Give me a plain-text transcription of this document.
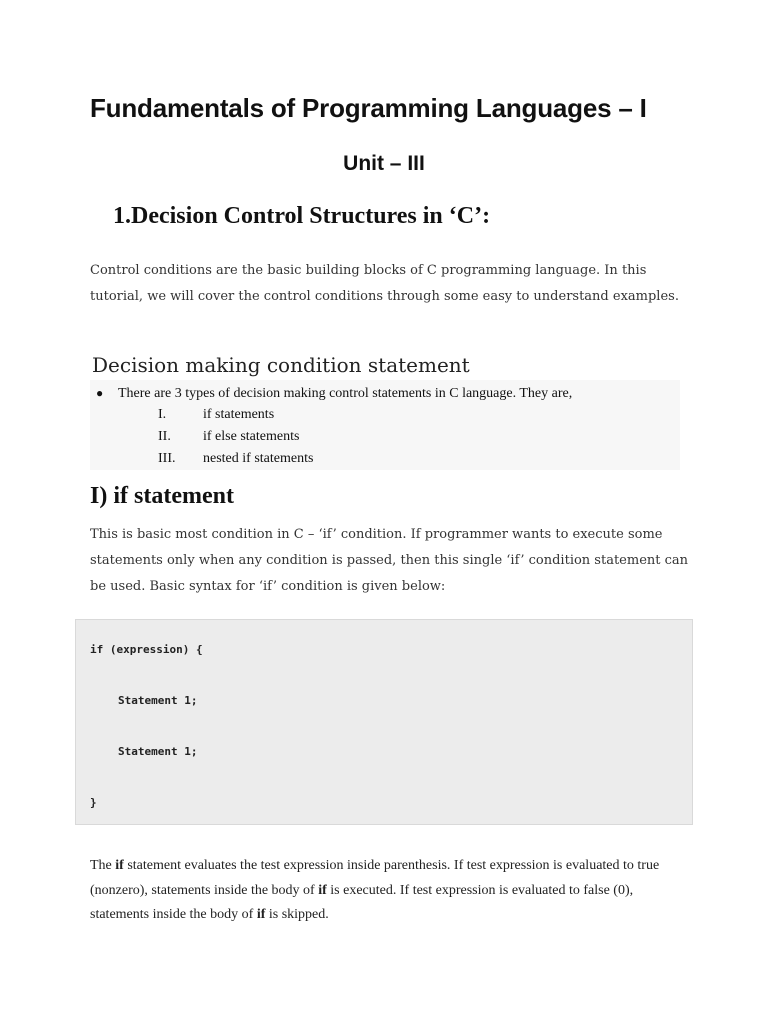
Fundamentals of Programming Languages – I
Unit – III
1.Decision Control Structures in ‘C’:
Control conditions are the basic building blocks of C programming language. In this tutorial, we will cover the control conditions through some easy to understand examples.
Decision making condition statement
● There are 3 types of decision making control statements in C language. They are,
I.	if statements
II. if else statements
III. nested if statements
I) if statement
This is basic most condition in C – ‘if’ condition. If programmer wants to execute some statements only when any condition is passed, then this single ‘if’ condition statement can be used. Basic syntax for ‘if’ condition is given below:
if (expression) {
Statement 1;
Statement 1;
}
The if statement evaluates the test expression inside parenthesis. If test expression is evaluated to true (nonzero), statements inside the body of if is executed. If test expression is evaluated to false (0), statements inside the body of if is skipped.
